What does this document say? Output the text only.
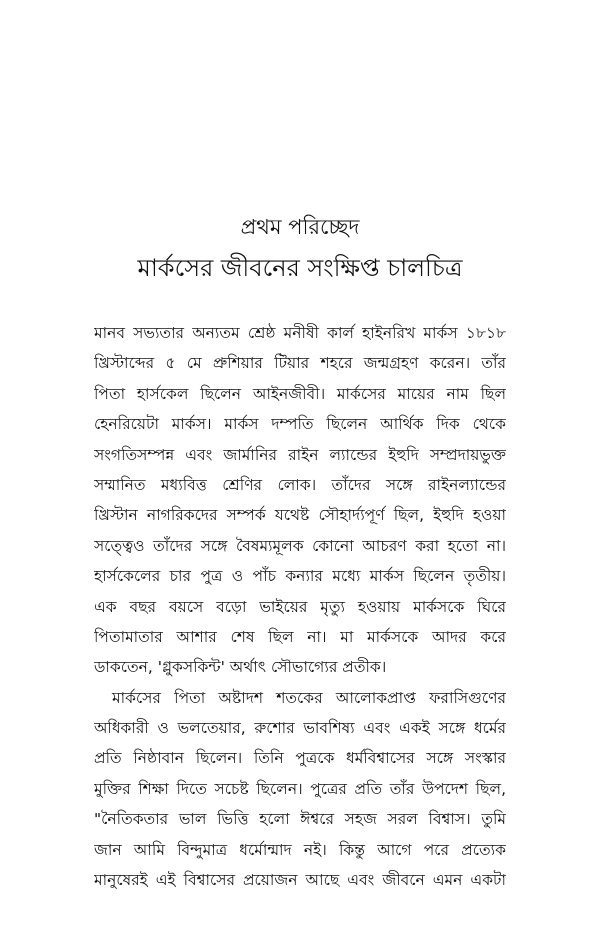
প্রথম পরিচ্ছেদ
মার্কসের জীবনের সংক্ষিপ্ত চালচিত্র
মানব সভ্যতার অন্যতম শ্রেষ্ঠ মনীষী কার্ল হাইনরিখ মার্কস ১৮১৮
খ্রিস্টাব্দের ৫ মে প্রুশিয়ার টিয়ার শহরে জন্মগ্রহণ করেন। তাঁর
পিতা হার্সকেল ছিলেন আইনজীবী। মার্কসের মায়ের নাম ছিল
হেনরিয়েটা মার্কস। মার্কস দম্পতি ছিলেন আর্থিক দিক থেকে
সংগতিসম্পন্ন এবং জার্মানির রাইন ল্যান্ডের ইহুদি সম্প্রদায়ভুক্ত
সম্মানিত মধ্যবিত্ত শ্রেণির লোক। তাঁদের সঙ্গে রাইনল্যান্ডের
খ্রিস্টান নাগরিকদের সম্পর্ক যথেষ্ট সৌহার্দ্যপূর্ণ ছিল, ইহুদি হওয়া
সত্ত্বেও তাঁদের সঙ্গে বৈষম্যমূলক কোনো আচরণ করা হতো না।
হার্সকেলের চার পুত্র ও পাঁচ কন্যার মধ্যে মার্কস ছিলেন তৃতীয়।
এক বছর বয়সে বড়ো ভাইয়ের মৃত্যু হওয়ায় মার্কসকে ঘিরে
পিতামাতার আশার শেষ ছিল না। মা মার্কসকে আদর করে
ডাকতেন, 'গ্লুকসকিন্ট' অর্থাৎ সৌভাগ্যের প্রতীক।
মার্কসের পিতা অষ্টাদশ শতকের আলোকপ্রাপ্ত ফরাসিগুণের
অধিকারী ও ভলতেয়ার, রুশোর ভাবশিষ্য এবং একই সঙ্গে ধর্মের
প্রতি নিষ্ঠাবান ছিলেন। তিনি পুত্রকে ধর্মবিশ্বাসের সঙ্গে সংস্কার
মুক্তির শিক্ষা দিতে সচেষ্ট ছিলেন। পুত্রের প্রতি তাঁর উপদেশ ছিল,
"নৈতিকতার ভাল ভিত্তি হলো ঈশ্বরে সহজ সরল বিশ্বাস। তুমি
জান আমি বিন্দুমাত্র ধর্মোন্মাদ নই। কিন্তু আগে পরে প্রত্যেক
মানুষেরই এই বিশ্বাসের প্রয়োজন আছে এবং জীবনে এমন একটা
